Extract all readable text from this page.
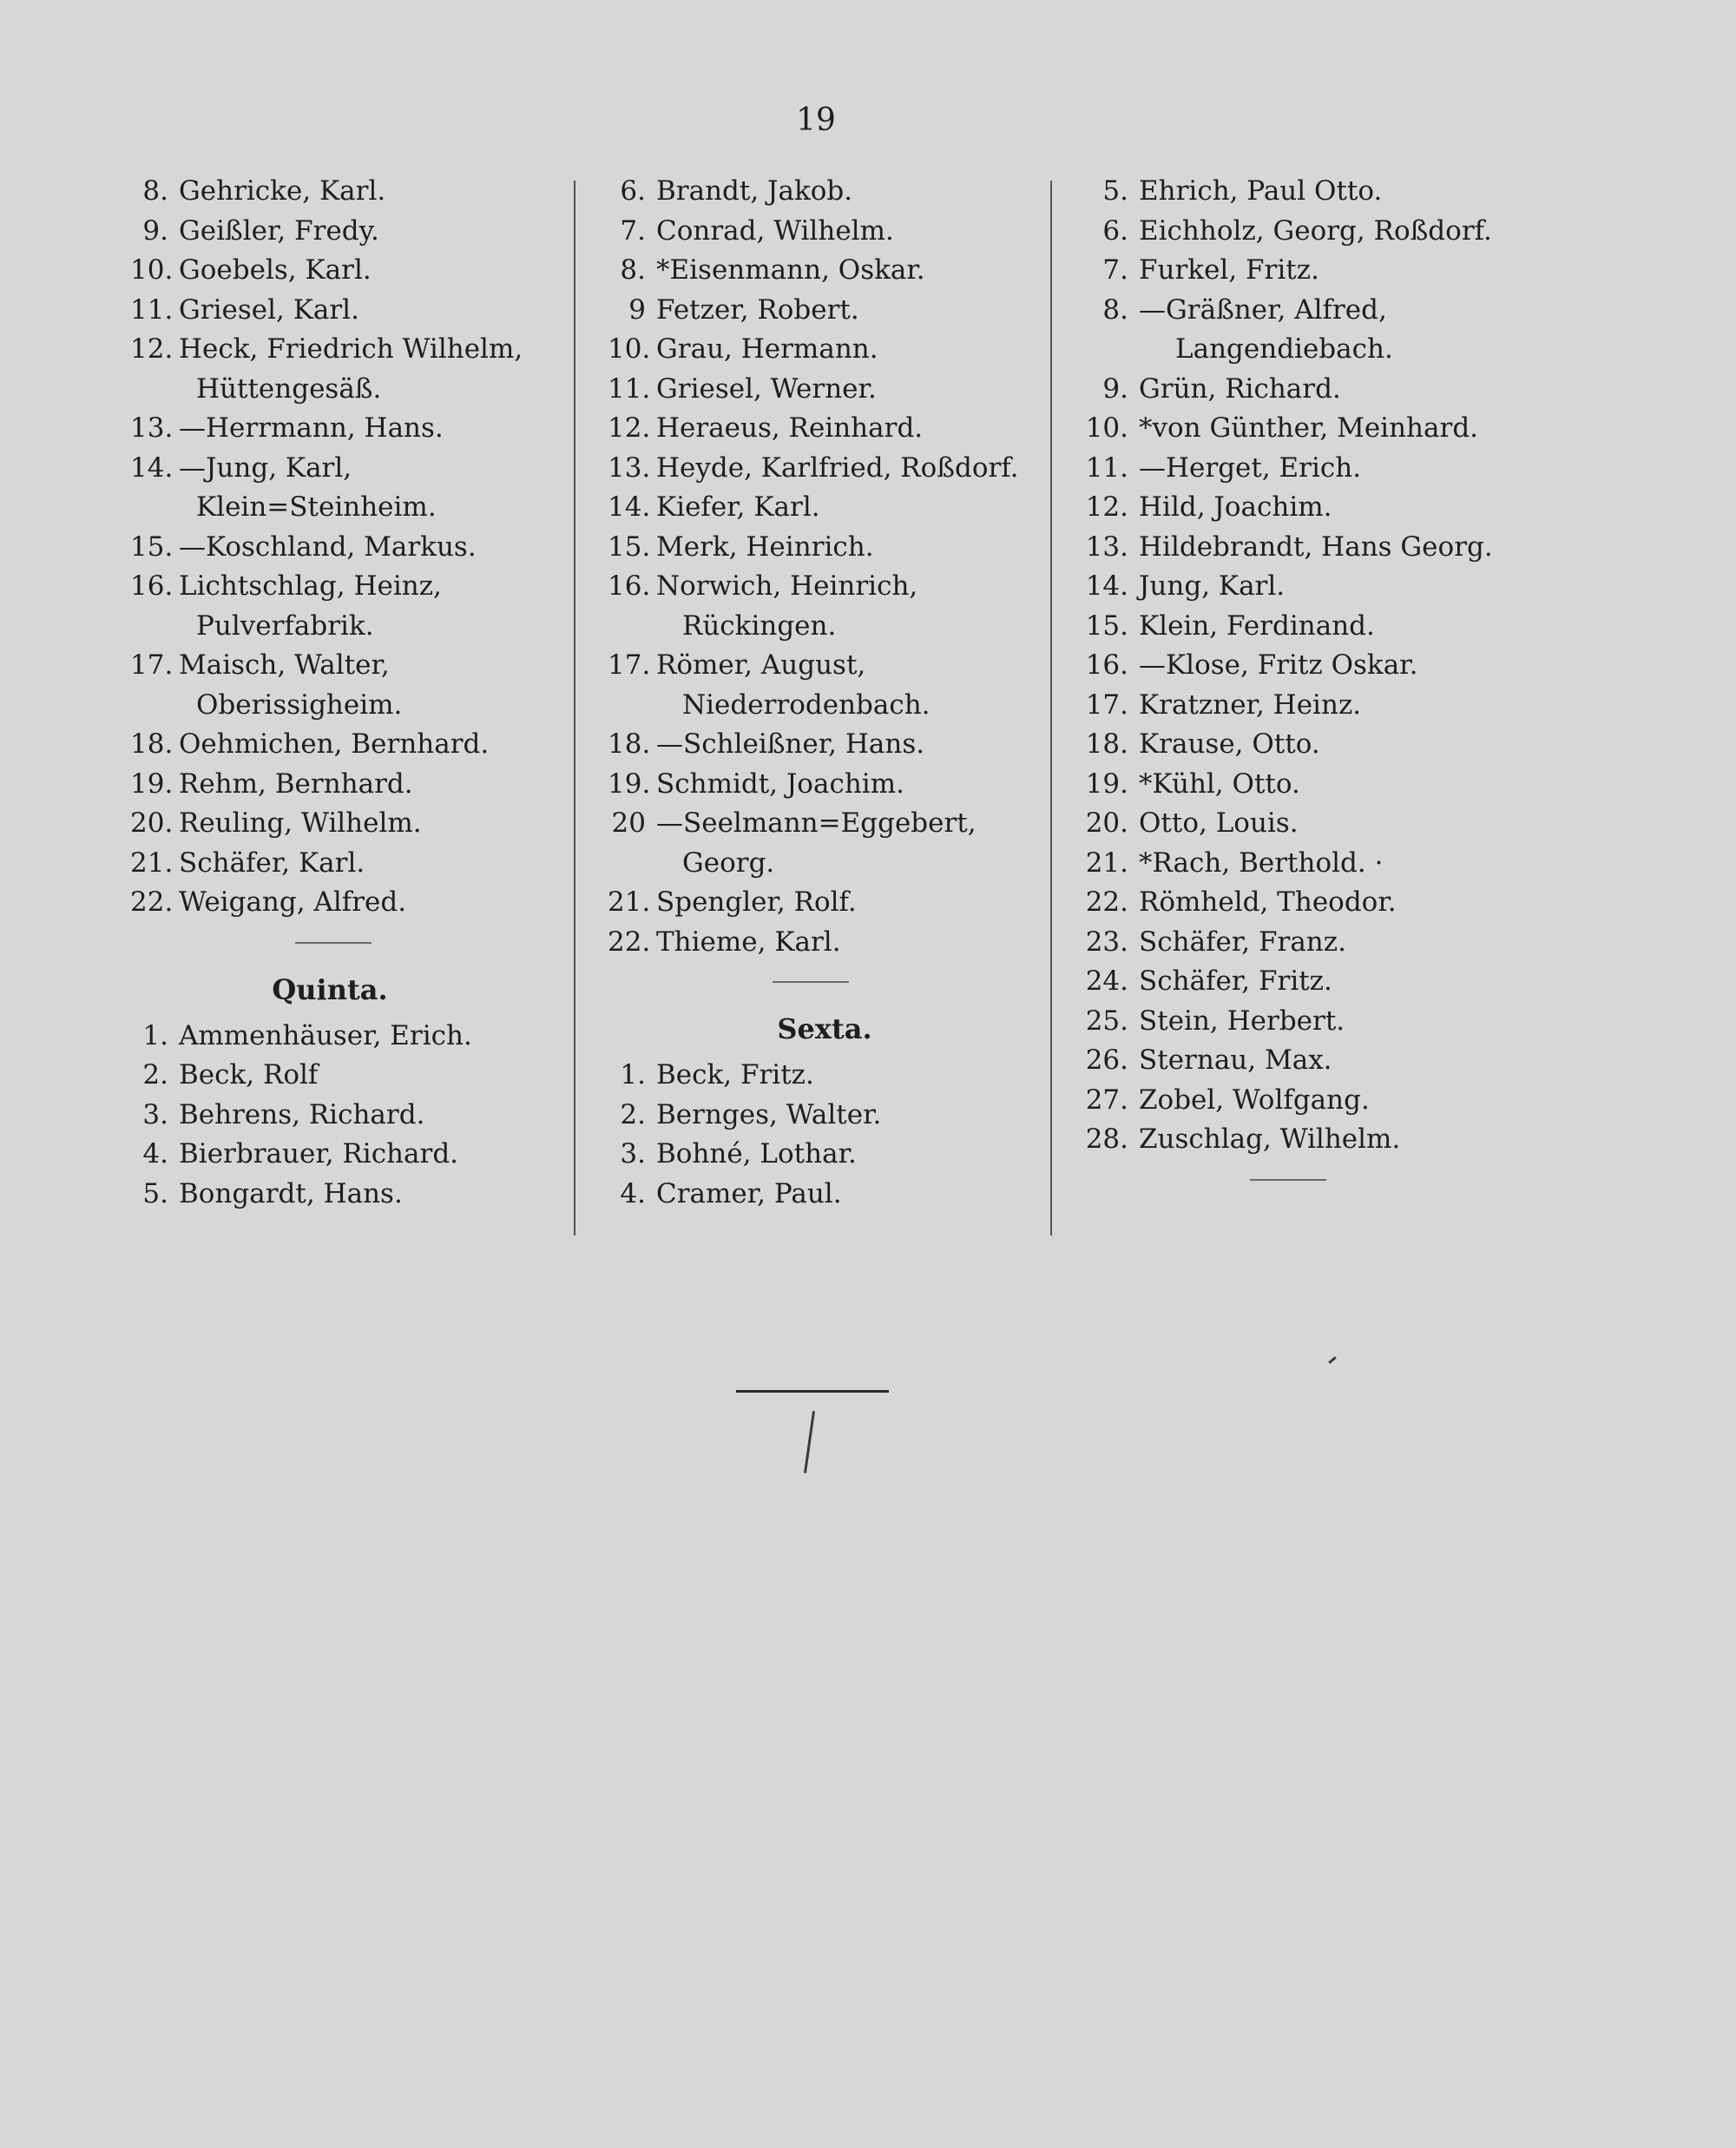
19
8. Gehricke, Karl.
9. Geißler, Fredy.
10. Goebels, Karl.
11. Griesel, Karl.
12. Heck, Friedrich Wilhelm,
Hüttengesäß.
13. —Herrmann, Hans.
14. —Jung, Karl,
Klein=Steinheim.
15. —Koschland, Markus.
16. Lichtschlag, Heinz,
Pulverfabrik.
17. Maisch, Walter,
Oberissigheim.
18. Oehmichen, Bernhard.
19. Rehm, Bernhard.
20. Reuling, Wilhelm.
21. Schäfer, Karl.
22. Weigang, Alfred.
Quinta.
1. Ammenhäuser, Erich.
2. Beck, Rolf
3. Behrens, Richard.
4. Bierbrauer, Richard.
5. Bongardt, Hans.
6. Brandt, Jakob.
7. Conrad, Wilhelm.
8. *Eisenmann, Oskar.
9 Fetzer, Robert.
10. Grau, Hermann.
11. Griesel, Werner.
12. Heraeus, Reinhard.
13. Heyde, Karlfried, Roßdorf.
14. Kiefer, Karl.
15. Merk, Heinrich.
16. Norwich, Heinrich,
Rückingen.
17. Römer, August,
Niederrodenbach.
18. —Schleißner, Hans.
19. Schmidt, Joachim.
20 —Seelmann=Eggebert,
Georg.
21. Spengler, Rolf.
22. Thieme, Karl.
Sexta.
1. Beck, Fritz.
2. Bernges, Walter.
3. Bohné, Lothar.
4. Cramer, Paul.
5. Ehrich, Paul Otto.
6. Eichholz, Georg, Roßdorf.
7. Furkel, Fritz.
8. —Gräßner, Alfred,
Langendiebach.
9. Grün, Richard.
10. *von Günther, Meinhard.
11. —Herget, Erich.
12. Hild, Joachim.
13. Hildebrandt, Hans Georg.
14. Jung, Karl.
15. Klein, Ferdinand.
16. —Klose, Fritz Oskar.
17. Kratzner, Heinz.
18. Krause, Otto.
19. *Kühl, Otto.
20. Otto, Louis.
21. *Rach, Berthold. ·
22. Römheld, Theodor.
23. Schäfer, Franz.
24. Schäfer, Fritz.
25. Stein, Herbert.
26. Sternau, Max.
27. Zobel, Wolfgang.
28. Zuschlag, Wilhelm.
